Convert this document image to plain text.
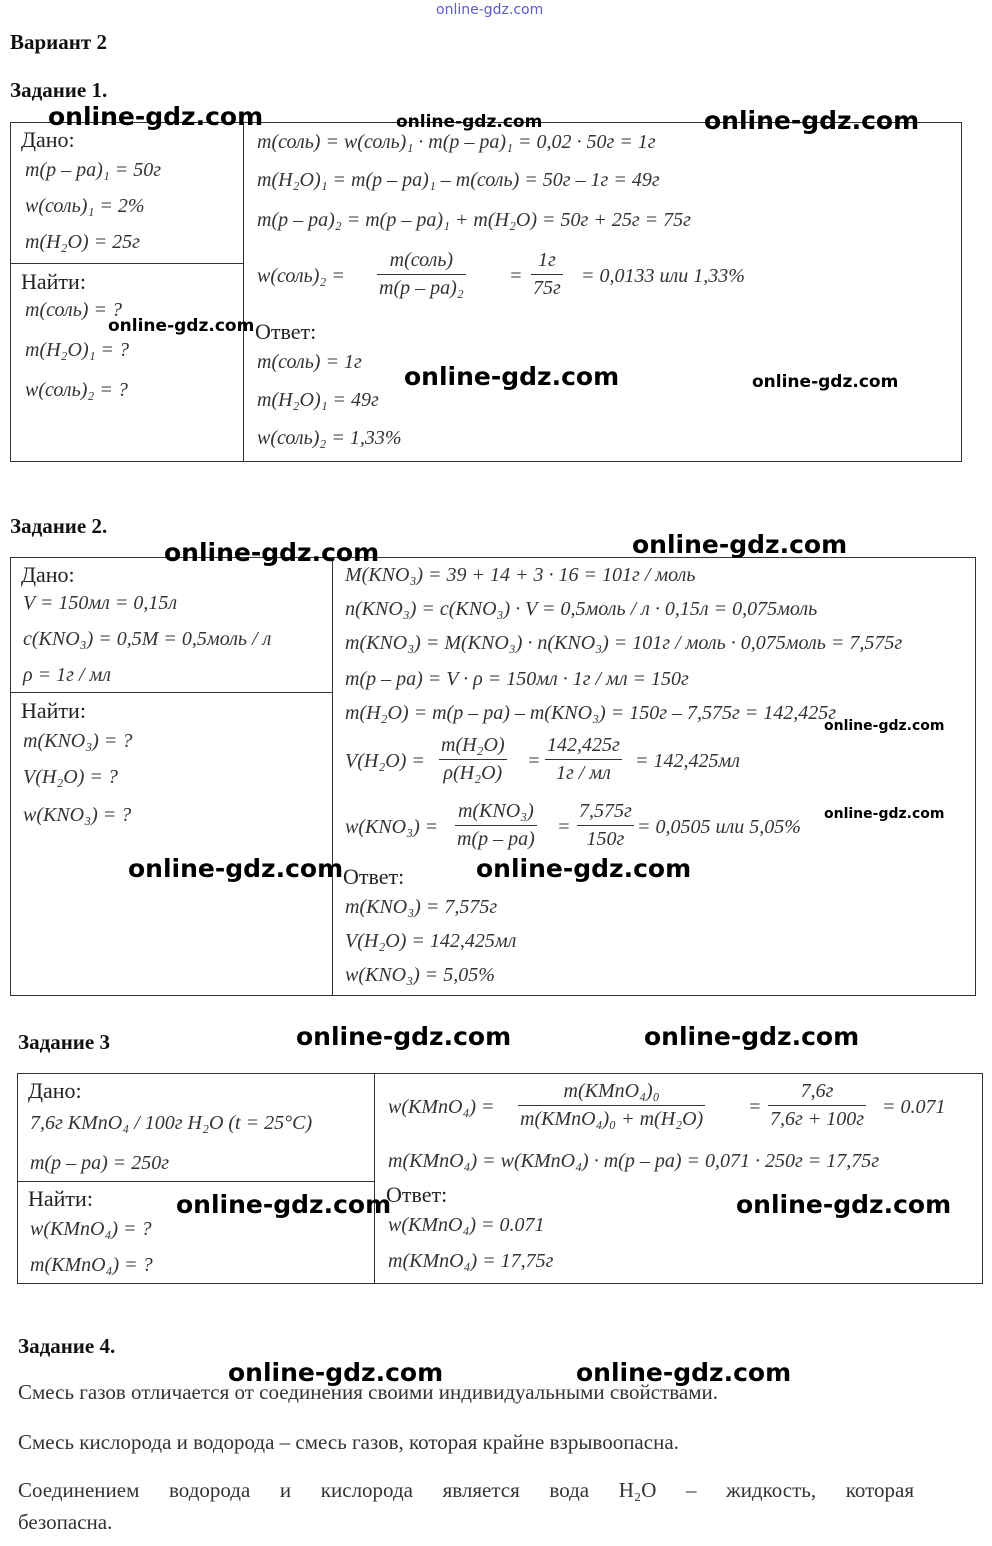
online-gdz.com
Вариант 2
Задание 1.
Дано:
m(p – pa)₁ = 50г
w(соль)₁ = 2%
m(H₂O) = 25г
Найти:
m(соль) = ?
m(H₂O)₁ = ?
w(соль)₂ = ?
m(соль) = w(соль)₁ · m(p – pa)₁ = 0,02 · 50г = 1г
m(H₂O)₁ = m(p – pa)₁ – m(соль) = 50г – 1г = 49г
m(p – pa)₂ = m(p – pa)₁ + m(H₂O) = 50г + 25г = 75г
w(соль)₂ =
m(соль)
m(p – pa)₂
=
1г
75г
= 0,0133 или 1,33%
Ответ:
m(соль) = 1г
m(H₂O)₁ = 49г
w(соль)₂ = 1,33%
Задание 2.
Дано:
V = 150мл = 0,15л
c(KNO₃) = 0,5M = 0,5моль / л
ρ = 1г / мл
Найти:
m(KNO₃) = ?
V(H₂O) = ?
w(KNO₃) = ?
M(KNO₃) = 39 + 14 + 3 · 16 = 101г / моль
n(KNO₃) = c(KNO₃) · V = 0,5моль / л · 0,15л = 0,075моль
m(KNO₃) = M(KNO₃) · n(KNO₃) = 101г / моль · 0,075моль = 7,575г
m(p – pa) = V · ρ = 150мл · 1г / мл = 150г
m(H₂O) = m(p – pa) – m(KNO₃) = 150г – 7,575г = 142,425г
$V(H_2O) = \frac{\text{m(H₂O)}}{\text{ρ(H₂O)}}$ =
142,425г
1г / мл
= 142,425мл
w(KNO₃) =
m(KNO₃)
m(p – pa)
=
7,575г
150г
= 0,0505 или 5,05%
Ответ:
m(KNO₃) = 7,575г
V(H₂O) = 142,425мл
w(KNO₃) = 5,05%
Задание 3
Дано:
7,6г KMnO₄ / 100г H₂O (t = 25°C)
m(p – pa) = 250г
Найти:
w(KMnO₄) = ?
m(KMnO₄) = ?
w(KMnO₄) =
m(KMnO₄)₀
m(KMnO₄)₀ + m(H₂O)
=
7,6г
7,6г + 100г
= 0.071
m(KMnO₄) = w(KMnO₄) · m(p – pa) = 0,071 · 250г = 17,75г
Ответ:
w(KMnO₄) = 0.071
m(KMnO₄) = 17,75г
Задание 4.
Смесь газов отличается от соединения своими индивидуальными свойствами.
Смесь кислорода и водорода – смесь газов, которая крайне взрывоопасна.
Соединением водорода и кислорода является вода H₂O – жидкость, которая
безопасна.
online-gdz.com	online-gdz.com	online-gdz.com
online-gdz.com
online-gdz.com	online-gdz.com
online-gdz.com	online-gdz.com
online-gdz.com
online-gdz.com
online-gdz.com	online-gdz.com
online-gdz.com	online-gdz.com
online-gdz.com	online-gdz.com
online-gdz.com	online-gdz.com
